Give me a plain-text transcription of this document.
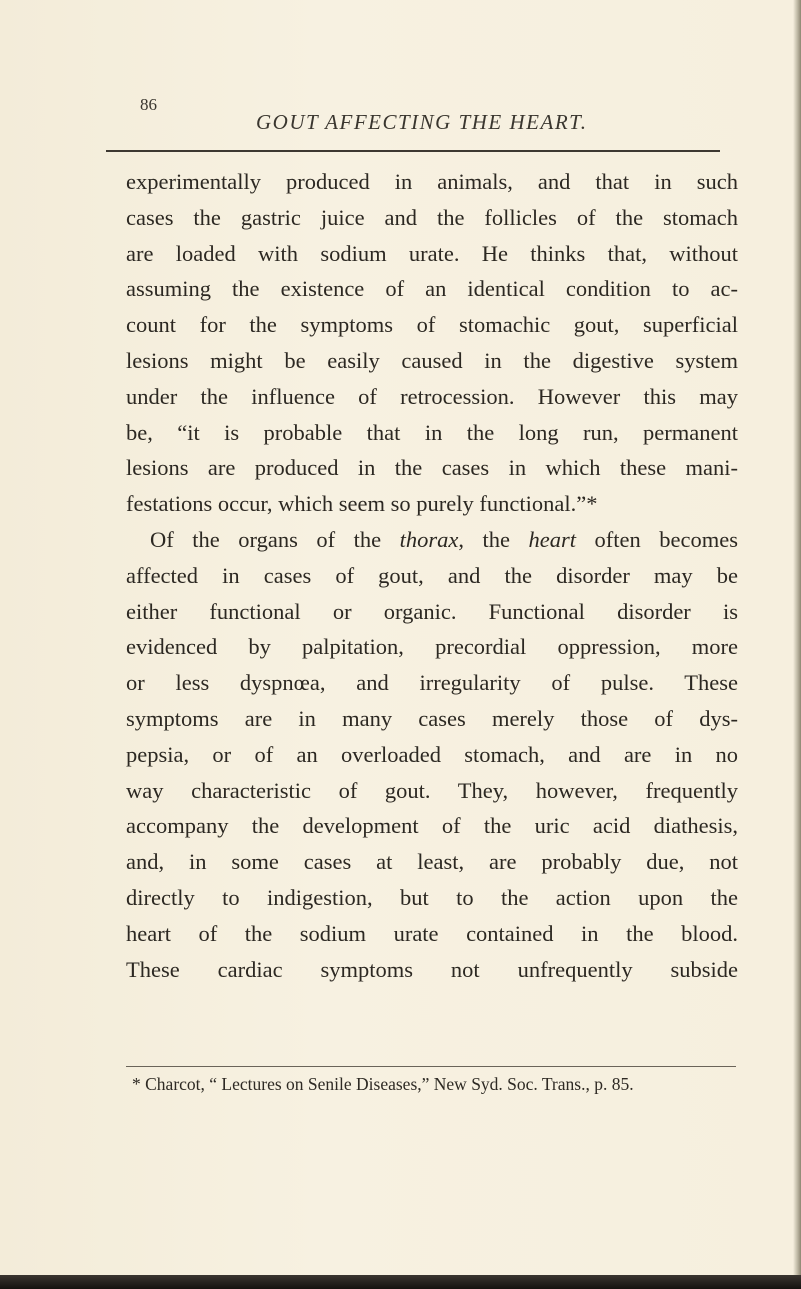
86
GOUT AFFECTING THE HEART.
experimentally produced in animals, and that in such
cases the gastric juice and the follicles of the stomach
are loaded with sodium urate. He thinks that, without
assuming the existence of an identical condition to ac-
count for the symptoms of stomachic gout, superficial
lesions might be easily caused in the digestive system
under the influence of retrocession. However this may
be, “it is probable that in the long run, permanent
lesions are produced in the cases in which these mani-
festations occur, which seem so purely functional.”*
Of the organs of the thorax, the heart often becomes
affected in cases of gout, and the disorder may be
either functional or organic. Functional disorder is
evidenced by palpitation, precordial oppression, more
or less dyspnœa, and irregularity of pulse. These
symptoms are in many cases merely those of dys-
pepsia, or of an overloaded stomach, and are in no
way characteristic of gout. They, however, frequently
accompany the development of the uric acid diathesis,
and, in some cases at least, are probably due, not
directly to indigestion, but to the action upon the
heart of the sodium urate contained in the blood.
These cardiac symptoms not unfrequently subside
* Charcot, “ Lectures on Senile Diseases,” New Syd. Soc. Trans., p. 85.
